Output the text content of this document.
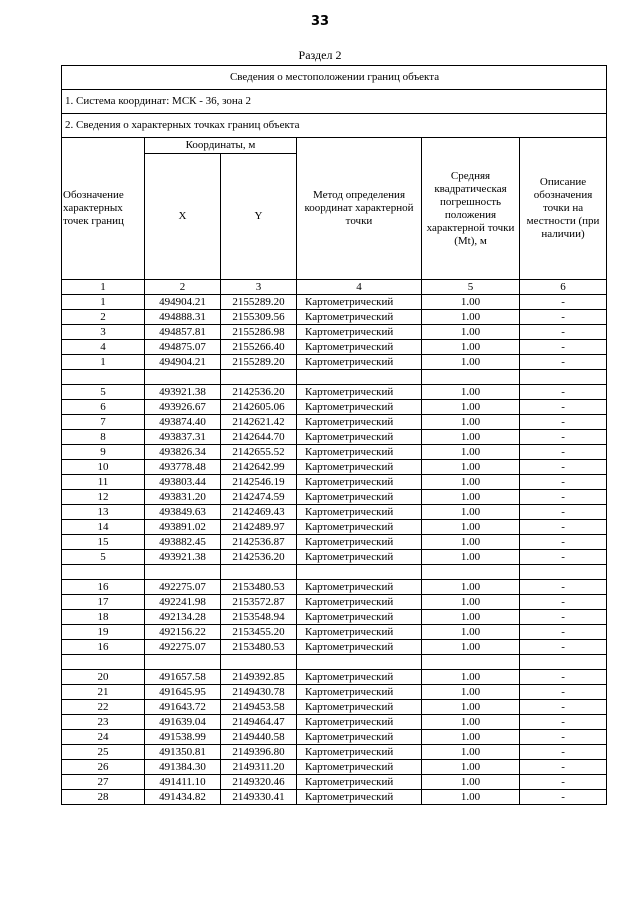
33
Раздел 2
Сведения о местоположении границ объекта					
1. Система координат: МСК - 36, зона 2					
2. Сведения о характерных точках границ объекта					
Обозначение характерных точек границ	Координаты, м		Метод определения координат характерной точки	Средняя квадратическая погрешность положения характерной точки (Mt), м	Описание обозначения точки на местности (при наличии)
	X	Y			
1	2	3	4	5	6
1	494904.21	2155289.20	Картометрический	1.00	-
2	494888.31	2155309.56	Картометрический	1.00	-
3	494857.81	2155286.98	Картометрический	1.00	-
4	494875.07	2155266.40	Картометрический	1.00	-
1	494904.21	2155289.20	Картометрический	1.00	-

5	493921.38	2142536.20	Картометрический	1.00	-
6	493926.67	2142605.06	Картометрический	1.00	-
7	493874.40	2142621.42	Картометрический	1.00	-
8	493837.31	2142644.70	Картометрический	1.00	-
9	493826.34	2142655.52	Картометрический	1.00	-
10	493778.48	2142642.99	Картометрический	1.00	-
11	493803.44	2142546.19	Картометрический	1.00	-
12	493831.20	2142474.59	Картометрический	1.00	-
13	493849.63	2142469.43	Картометрический	1.00	-
14	493891.02	2142489.97	Картометрический	1.00	-
15	493882.45	2142536.87	Картометрический	1.00	-
5	493921.38	2142536.20	Картометрический	1.00	-

16	492275.07	2153480.53	Картометрический	1.00	-
17	492241.98	2153572.87	Картометрический	1.00	-
18	492134.28	2153548.94	Картометрический	1.00	-
19	492156.22	2153455.20	Картометрический	1.00	-
16	492275.07	2153480.53	Картометрический	1.00	-

20	491657.58	2149392.85	Картометрический	1.00	-
21	491645.95	2149430.78	Картометрический	1.00	-
22	491643.72	2149453.58	Картометрический	1.00	-
23	491639.04	2149464.47	Картометрический	1.00	-
24	491538.99	2149440.58	Картометрический	1.00	-
25	491350.81	2149396.80	Картометрический	1.00	-
26	491384.30	2149311.20	Картометрический	1.00	-
27	491411.10	2149320.46	Картометрический	1.00	-
28	491434.82	2149330.41	Картометрический	1.00	-
